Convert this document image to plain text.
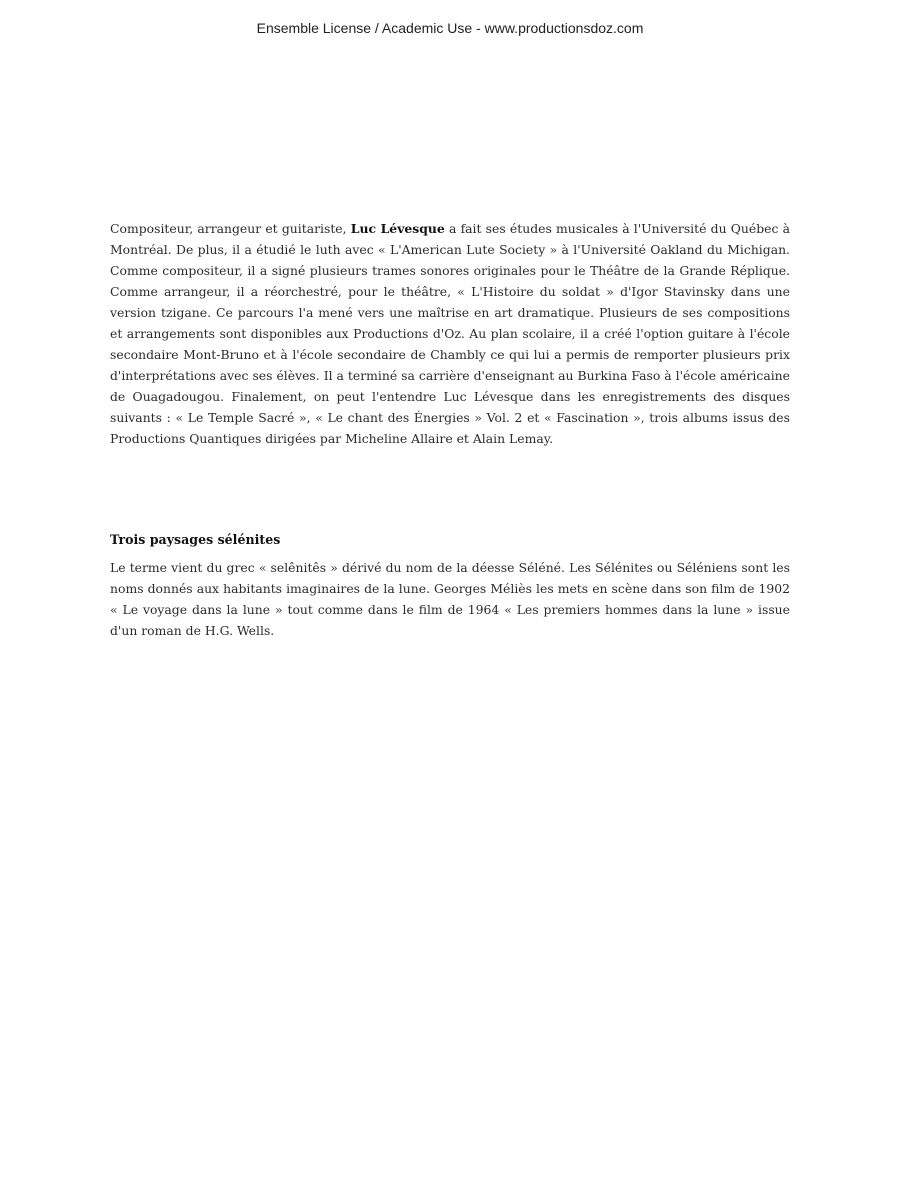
Ensemble License / Academic Use - www.productionsdoz.com

Compositeur, arrangeur et guitariste, Luc Lévesque a fait ses études musicales à l'Université du Québec à Montréal. De plus, il a étudié le luth avec « L'American Lute Society » à l'Université Oakland du Michigan. Comme compositeur, il a signé plusieurs trames sonores originales pour le Théâtre de la Grande Réplique. Comme arrangeur, il a réorchestré, pour le théâtre, « L'Histoire du soldat » d'Igor Stavinsky dans une version tzigane. Ce parcours l'a mené vers une maîtrise en art dramatique. Plusieurs de ses compositions et arrangements sont disponibles aux Productions d'Oz. Au plan scolaire, il a créé l'option guitare à l'école secondaire Mont-Bruno et à l'école secondaire de Chambly ce qui lui a permis de remporter plusieurs prix d'interprétations avec ses élèves. Il a terminé sa carrière d'enseignant au Burkina Faso à l'école américaine de Ouagadougou. Finalement, on peut l'entendre Luc Lévesque dans les enregistrements des disques suivants : « Le Temple Sacré », « Le chant des Énergies » Vol. 2 et « Fascination », trois albums issus des Productions Quantiques dirigées par Micheline Allaire et Alain Lemay.

Trois paysages sélénites

Le terme vient du grec « selênitês » dérivé du nom de la déesse Séléné. Les Sélénites ou Séléniens sont les noms donnés aux habitants imaginaires de la lune. Georges Méliès les mets en scène dans son film de 1902 « Le voyage dans la lune » tout comme dans le film de 1964 « Les premiers hommes dans la lune » issue d'un roman de H.G. Wells.
